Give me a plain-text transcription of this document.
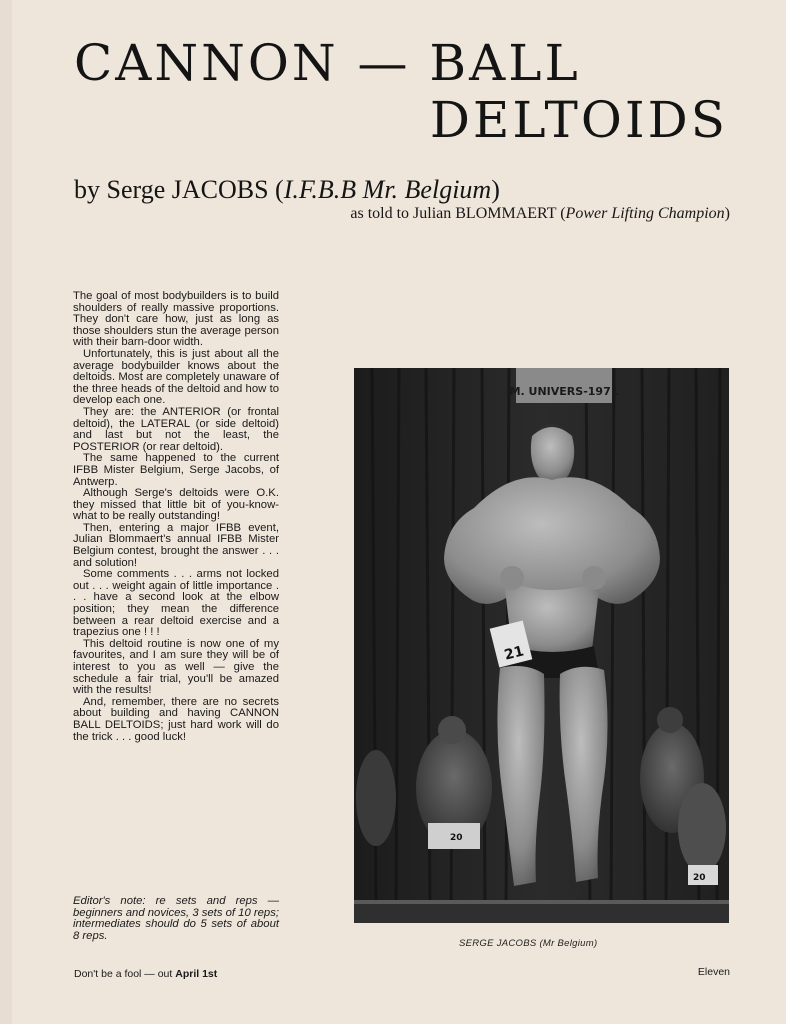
CANNON — BALL
DELTOIDS
by Serge JACOBS (I.F.B.B Mr. Belgium)
as told to Julian BLOMMAERT (Power Lifting Champion)

The goal of most bodybuilders is to build shoulders of really massive proportions. They don't care how, just as long as those shoulders stun the average person with their barn-door width.

Unfortunately, this is just about all the average bodybuilder knows about the deltoids. Most are completely unaware of the three heads of the deltoid and how to develop each one.

They are: the ANTERIOR (or frontal deltoid), the LATERAL (or side deltoid) and last but not the least, the POSTERIOR (or rear deltoid).

The same happened to the current IFBB Mister Belgium, Serge Jacobs, of Antwerp.

Although Serge's deltoids were O.K. they missed that little bit of you-know-what to be really outstanding!

Then, entering a major IFBB event, Julian Blommaert's annual IFBB Mister Belgium contest, brought the answer . . . and solution!

Some comments . . . arms not locked out . . . weight again of little importance . . . have a second look at the elbow position; they mean the difference between a rear deltoid exercise and a trapezius one ! ! !

This deltoid routine is now one of my favourites, and I am sure they will be of interest to you as well — give the schedule a fair trial, you'll be amazed with the results!

And, remember, there are no secrets about building and having CANNON BALL DELTOIDS; just hard work will do the trick . . . good luck!

Editor's note: re sets and reps — beginners and novices, 3 sets of 10 reps; intermediates should do 5 sets of about 8 reps.
M. UNIVERS-1971
20
20
21
SERGE JACOBS (Mr Belgium)
Don't be a fool — out April 1st	Eleven
